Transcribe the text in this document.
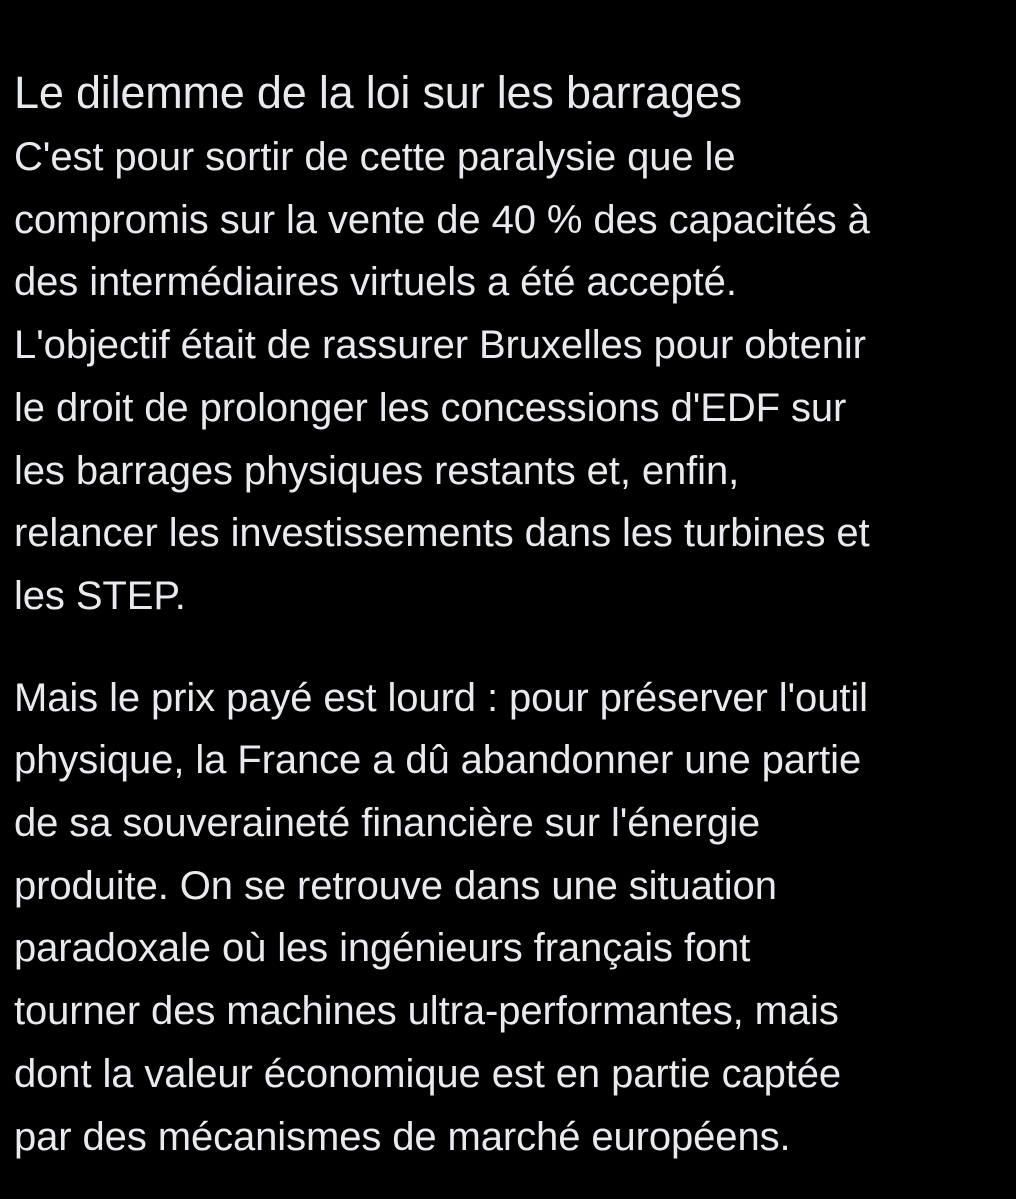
Le dilemme de la loi sur les barrages

C'est pour sortir de cette paralysie que le
compromis sur la vente de 40 % des capacités à
des intermédiaires virtuels a été accepté.
L'objectif était de rassurer Bruxelles pour obtenir
le droit de prolonger les concessions d'EDF sur
les barrages physiques restants et, enfin,
relancer les investissements dans les turbines et
les STEP.

Mais le prix payé est lourd : pour préserver l'outil
physique, la France a dû abandonner une partie
de sa souveraineté financière sur l'énergie
produite. On se retrouve dans une situation
paradoxale où les ingénieurs français font
tourner des machines ultra-performantes, mais
dont la valeur économique est en partie captée
par des mécanismes de marché européens.
